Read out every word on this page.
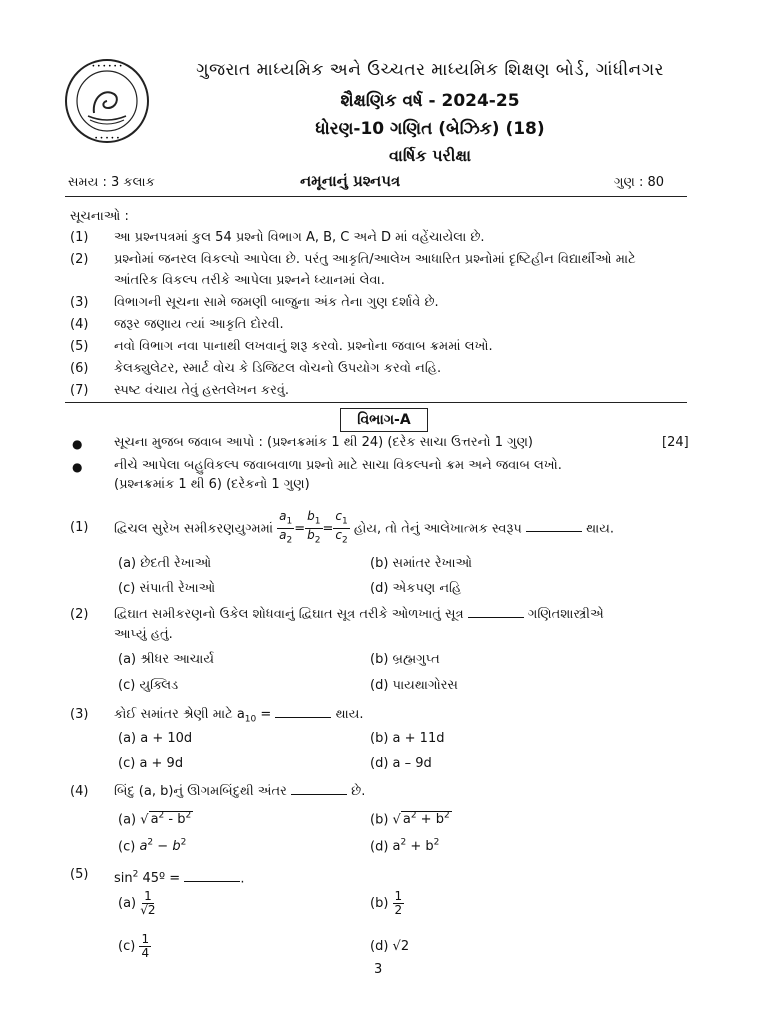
• • • • • •
• • • • •
ગુજરાત માધ્યમિક અને ઉચ્ચતર માધ્યમિક શિક્ષણ બોર્ડ, ગાંધીનગર
શૈક્ષણિક વર્ષ - 2024-25
ધોરણ-10 ગણિત (બેઝિક) (18)
વાર્ષિક પરીક્ષા
સમય : 3 કલાક	નમૂનાનું પ્રશ્નપત્ર	ગુણ : 80
સૂચનાઓ :
(1) આ પ્રશ્નપત્રમાં કુલ 54 પ્રશ્નો વિભાગ A, B, C અને D માં વહેંચાયેલા છે.
(2) પ્રશ્નોમાં જનરલ વિકલ્પો આપેલા છે. પરંતુ આકૃતિ/આલેખ આધારિત પ્રશ્નોમાં દૃષ્ટિહીન વિદ્યાર્થીઓ માટે
આંતરિક વિકલ્પ તરીકે આપેલા પ્રશ્નને ધ્યાનમાં લેવા.
(3) વિભાગની સૂચના સામે જમણી બાજુના અંક તેના ગુણ દર્શાવે છે.
(4) જરૂર જણાય ત્યાં આકૃતિ દોરવી.
(5) નવો વિભાગ નવા પાનાથી લખવાનું શરૂ કરવો. પ્રશ્નોના જવાબ ક્રમમાં લખો.
(6) કેલક્યુલેટર, સ્માર્ટ વોચ કે ડિજિટલ વોચનો ઉપયોગ કરવો નહિ.
(7) સ્પષ્ટ વંચાય તેવું હસ્તલેખન કરવું.
વિભાગ-A
● સૂચના મુજબ જવાબ આપો : (પ્રશ્નક્રમાંક 1 થી 24) (દરેક સાચા ઉત્તરનો 1 ગુણ)	[24]
● નીચે આપેલા બહુવિકલ્પ જવાબવાળા પ્રશ્નો માટે સાચા વિકલ્પનો ક્રમ અને જવાબ લખો.
(પ્રશ્નક્રમાંક 1 થી 6) (દરેકનો 1 ગુણ)
(1) દ્વિચલ સુરેખ સમીકરણયુગ્મમાં $\frac{a_1}{a_2} = \frac{b_1}{b_2} = \frac{c_1}{c_2}$ હોય, તો તેનું આલેખાત્મક સ્વરૂપ	થાય.
(a) છેદતી રેખાઓ	(b) સમાંતર રેખાઓ
(c) સંપાતી રેખાઓ	(d) એકપણ નહિ
(2) દ્વિઘાત સમીકરણનો ઉકેલ શોધવાનું દ્વિઘાત સૂત્ર તરીકે ઓળખાતું સૂત્ર	ગણિતશાસ્ત્રીએ
આપ્યું હતું.
(a) શ્રીધર આચાર્ય	(b) બ્રહ્મગુપ્ત
(c) યુક્લિડ	(d) પાયથાગોરસ
(3) કોઈ સમાંતર શ્રેણી માટે $a_{10}$ =	થાય.
(a) a + 10d	(b) a + 11d
(c) a + 9d	(d) a – 9d
(4) બિંદુ (a, b)નું ઊગમબિંદુથી અંતર	છે.
(a) √ $a^2 - b^2$	(b) √ $a^2 + b^2$
(c) $a^2 - b^2$	(d) $a^2 + b^2$
(5) $\sin^2$ 45º =	.
$(a) \frac{1}{√2}$	$(b) \frac{1}{2}$
$(c) \frac{1}{4}$	(d) √2
3
